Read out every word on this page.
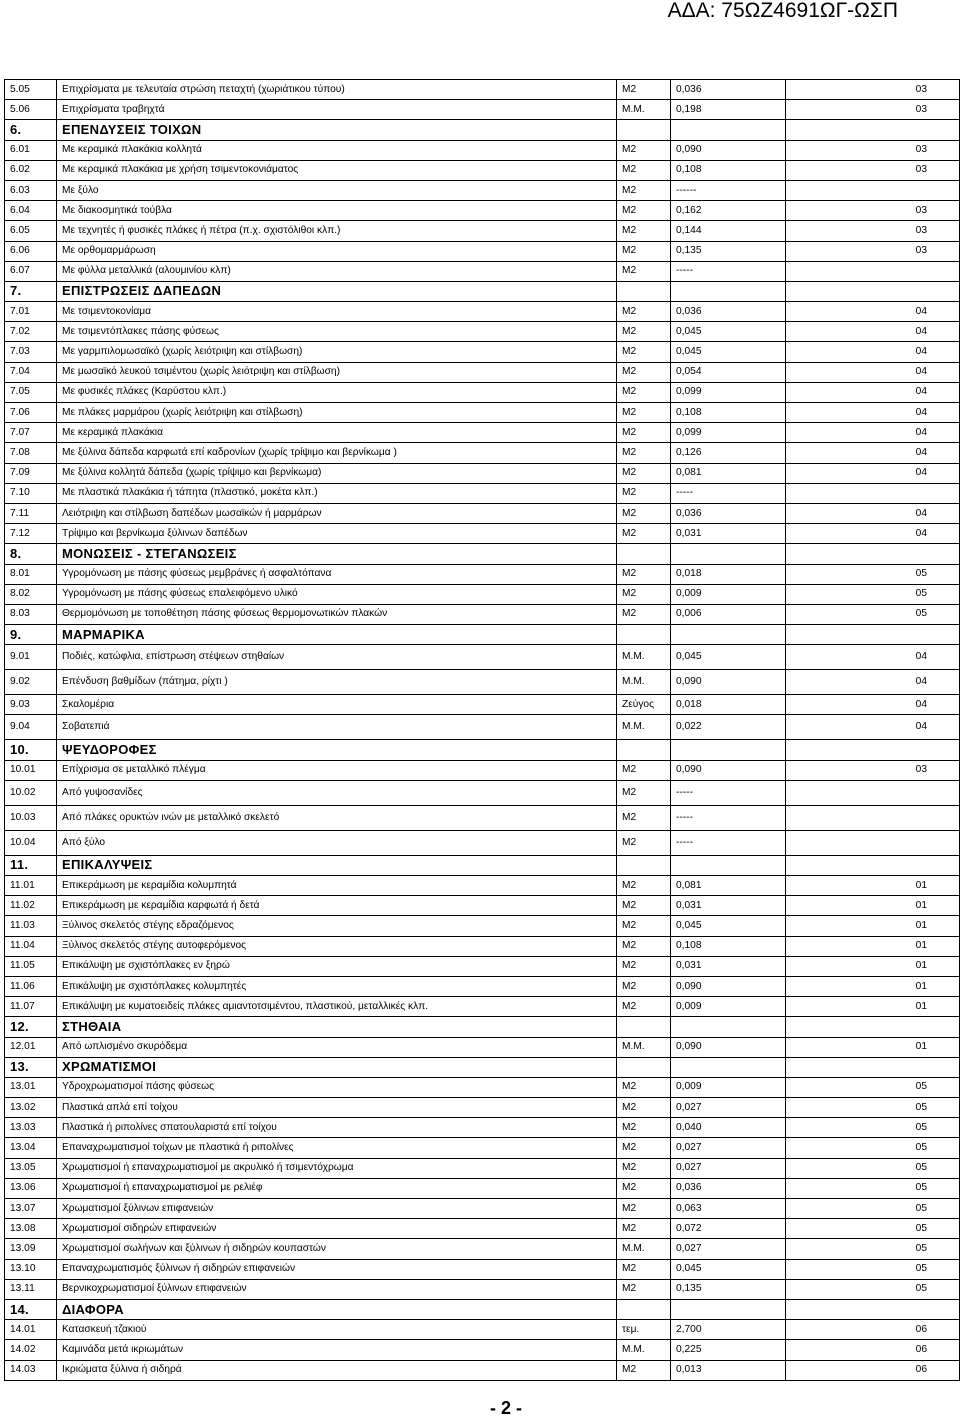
ΑΔΑ: 75ΩΖ4691ΩΓ-ΩΣΠ
5.05	Επιχρίσματα με τελευταία στρώση πεταχτή (χωριάτικου τύπου)	Μ2	0,036	03
5.06	Επιχρίσματα τραβηχτά	Μ.Μ.	0,198	03
6.	ΕΠΕΝΔΥΣΕΙΣ ΤΟΙΧΩΝ			
6.01	Με κεραμικά πλακάκια κολλητά	Μ2	0,090	03
6.02	Με κεραμικά πλακάκια με χρήση τσιμεντοκονιάματος	Μ2	0,108	03
6.03	Με ξύλο	Μ2	------	
6.04	Με διακοσμητικά τούβλα	Μ2	0,162	03
6.05	Με τεχνητές ή φυσικές πλάκες ή πέτρα (π.χ. σχιστόλιθοι κλπ.)	Μ2	0,144	03
6.06	Με ορθομαρμάρωση	Μ2	0,135	03
6.07	Με φύλλα μεταλλικά (αλουμινίου κλπ)	Μ2	-----	
7.	ΕΠΙΣΤΡΩΣΕΙΣ ΔΑΠΕΔΩΝ			
7.01	Με τσιμεντοκονίαμα	Μ2	0,036	04
7.02	Με τσιμεντόπλακες πάσης φύσεως	Μ2	0,045	04
7.03	Με γαρμπιλομωσαϊκό (χωρίς λειότριψη και στίλβωση)	Μ2	0,045	04
7.04	Με μωσαϊκό λευκού τσιμέντου (χωρίς λειότριψη και στίλβωση)	Μ2	0,054	04
7.05	Με φυσικές πλάκες (Καρύστου κλπ.)	Μ2	0,099	04
7.06	Με πλάκες μαρμάρου (χωρίς λειότριψη και στίλβωση)	Μ2	0,108	04
7.07	Με κεραμικά πλακάκια	Μ2	0,099	04
7.08	Με ξύλινα δάπεδα καρφωτά επί καδρονίων (χωρίς τρίψιμο και βερνίκωμα )	Μ2	0,126	04
7.09	Με ξύλινα κολλητά δάπεδα (χωρίς τρίψιμο και βερνίκωμα)	Μ2	0,081	04
7.10	Με πλαστικά πλακάκια ή τάπητα (πλαστικό, μοκέτα κλπ.)	Μ2	-----	
7.11	Λειότριψη και στίλβωση δαπέδων μωσαϊκών ή μαρμάρων	Μ2	0,036	04
7.12	Τρίψιμο και βερνίκωμα ξύλινων δαπέδων	Μ2	0,031	04
8.	ΜΟΝΩΣΕΙΣ - ΣΤΕΓΑΝΩΣΕΙΣ			
8.01	Υγρομόνωση με πάσης φύσεως μεμβράνες ή ασφαλτόπανα	Μ2	0,018	05
8.02	Υγρομόνωση με πάσης φύσεως επαλειφόμενο υλικό	Μ2	0,009	05
8.03	Θερμομόνωση με τοποθέτηση πάσης φύσεως θερμομονωτικών πλακών	Μ2	0,006	05
9.	ΜΑΡΜΑΡΙΚΑ			
9.01	Ποδιές, κατώφλια, επίστρωση στέψεων στηθαίων	Μ.Μ.	0,045	04
9.02	Επένδυση βαθμίδων (πάτημα, ρίχτι )	Μ.Μ.	0,090	04
9.03	Σκαλομέρια	Ζεύγος	0,018	04
9.04	Σοβατεπιά	Μ.Μ.	0,022	04
10.	ΨΕΥΔΟΡΟΦΕΣ			
10.01	Επίχρισμα σε μεταλλικό πλέγμα	Μ2	0,090	03
10.02	Από γυψοσανίδες	Μ2	-----	
10.03	Από πλάκες ορυκτών ινών με μεταλλικό σκελετό	Μ2	-----	
10.04	Από ξύλο	Μ2	-----	
11.	ΕΠΙΚΑΛΥΨΕΙΣ			
11.01	Επικεράμωση με κεραμίδια κολυμπητά	Μ2	0,081	01
11.02	Επικεράμωση με κεραμίδια καρφωτά ή δετά	Μ2	0,031	01
11.03	Ξύλινος σκελετός στέγης εδραζόμενος	Μ2	0,045	01
11.04	Ξύλινος σκελετός στέγης αυτοφερόμενος	Μ2	0,108	01
11.05	Επικάλυψη με σχιστόπλακες εν ξηρώ	Μ2	0,031	01
11.06	Επικάλυψη με σχιστόπλακες κολυμπητές	Μ2	0,090	01
11.07	Επικάλυψη με κυματοειδείς πλάκες αμιαντοτσιμέντου, πλαστικού, μεταλλικές κλπ.	Μ2	0,009	01
12.	ΣΤΗΘΑΙΑ			
12.01	Από ωπλισμένο σκυρόδεμα	Μ.Μ.	0,090	01
13.	ΧΡΩΜΑΤΙΣΜΟΙ			
13.01	Υδροχρωματισμοί πάσης φύσεως	Μ2	0,009	05
13.02	Πλαστικά απλά επί τοίχου	Μ2	0,027	05
13.03	Πλαστικά ή ριπολίνες σπατουλαριστά επί τοίχου	Μ2	0,040	05
13.04	Επαναχρωματισμοί τοίχων με πλαστικά ή ριπολίνες	Μ2	0,027	05
13.05	Χρωματισμοί ή επαναχρωματισμοί με ακρυλικό ή τσιμεντόχρωμα	Μ2	0,027	05
13.06	Χρωματισμοί ή επαναχρωματισμοί με ρελιέφ	Μ2	0,036	05
13.07	Χρωματισμοί ξύλινων επιφανειών	Μ2	0,063	05
13.08	Χρωματισμοί σιδηρών επιφανειών	Μ2	0,072	05
13.09	Χρωματισμοί σωλήνων και ξύλινων ή σιδηρών κουπαστών	Μ.Μ.	0,027	05
13.10	Επαναχρωματισμός ξύλινων ή σιδηρών επιφανειών	Μ2	0,045	05
13.11	Βερνικοχρωματισμοί ξύλινων επιφανειών	Μ2	0,135	05
14.	ΔΙΑΦΟΡΑ			
14.01	Κατασκευή τζακιού	τεμ.	2,700	06
14.02	Καμινάδα μετά ικριωμάτων	Μ.Μ.	0,225	06
14.03	Ικριώματα ξύλινα ή σιδηρά	Μ2	0,013	06
- 2 -
